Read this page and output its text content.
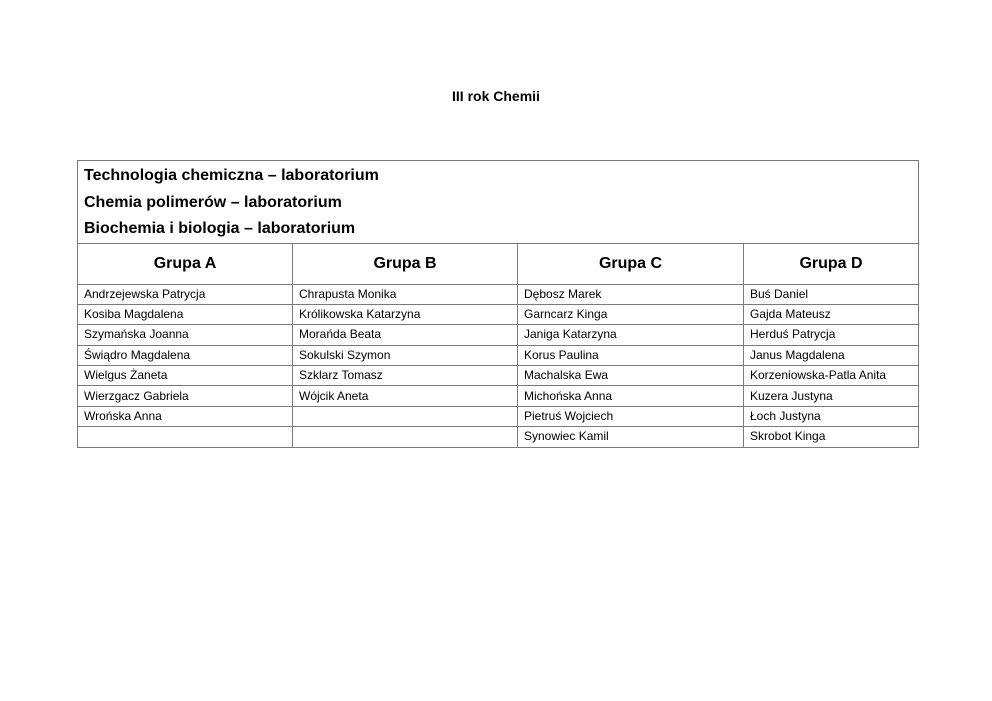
III rok Chemii
Technologia chemiczna – laboratorium
Chemia polimerów – laboratorium
Biochemia i biologia – laboratorium			

Grupa A	Grupa B	Grupa C	Grupa D
Andrzejewska Patrycja	Chrapusta Monika	Dębosz Marek	Buś Daniel
Kosiba Magdalena	Królikowska Katarzyna	Garncarz Kinga	Gajda Mateusz
Szymańska Joanna	Morańda Beata	Janiga Katarzyna	Herduś Patrycja
Świądro Magdalena	Sokulski Szymon	Korus Paulina	Janus Magdalena
Wielgus Żaneta	Szklarz Tomasz	Machalska Ewa	Korzeniowska-Patla Anita
Wierzgacz Gabriela	Wójcik Aneta	Michońska Anna	Kuzera Justyna
Wrońska Anna		Pietruś Wojciech	Łoch Justyna
		Synowiec Kamil	Skrobot Kinga
